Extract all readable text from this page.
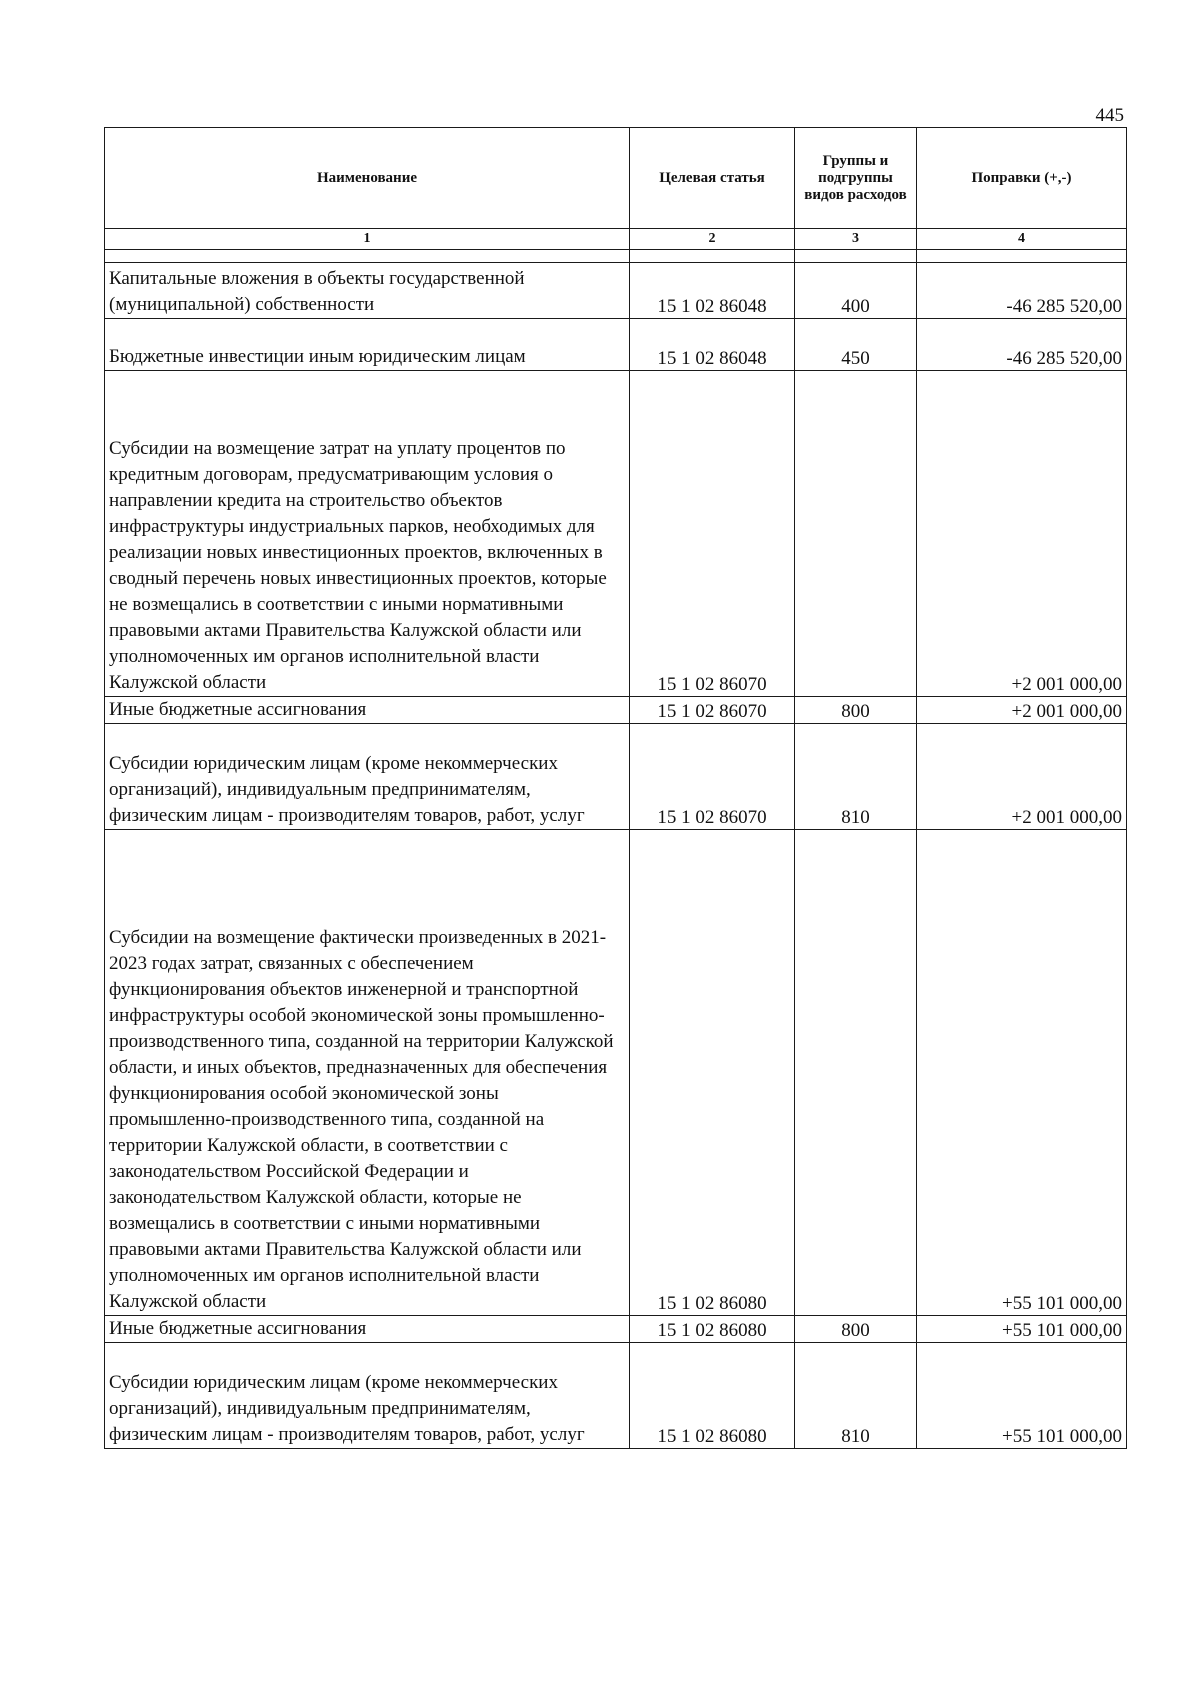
445
Наименование	Целевая статья	Группы и подгруппы видов расходов	Поправки (+,-)
1	2	3	4

Капитальные вложения в объекты государственной (муниципальной) собственности	15 1 02 86048	400	-46 285 520,00
Бюджетные инвестиции иным юридическим лицам	15 1 02 86048	450	-46 285 520,00
Субсидии на возмещение затрат на уплату процентов по кредитным договорам, предусматривающим условия о направлении кредита на строительство объектов инфраструктуры индустриальных парков, необходимых для реализации новых инвестиционных проектов, включенных в сводный перечень новых инвестиционных проектов, которые не возмещались в соответствии с иными нормативными правовыми актами Правительства Калужской области или уполномоченных им органов исполнительной власти Калужской области	15 1 02 86070		+2 001 000,00
Иные бюджетные ассигнования	15 1 02 86070	800	+2 001 000,00
Субсидии юридическим лицам (кроме некоммерческих организаций), индивидуальным предпринимателям, физическим лицам - производителям товаров, работ, услуг	15 1 02 86070	810	+2 001 000,00
Субсидии на возмещение фактически произведенных в 2021-2023 годах затрат, связанных с обеспечением функционирования объектов инженерной и транспортной инфраструктуры особой экономической зоны промышленно-производственного типа, созданной на территории Калужской области, и иных объектов, предназначенных для обеспечения функционирования особой экономической зоны промышленно-производственного типа, созданной на территории Калужской области, в соответствии с законодательством Российской Федерации и законодательством Калужской области, которые не возмещались в соответствии с иными нормативными правовыми актами Правительства Калужской области или уполномоченных им органов исполнительной власти Калужской области	15 1 02 86080		+55 101 000,00
Иные бюджетные ассигнования	15 1 02 86080	800	+55 101 000,00
Субсидии юридическим лицам (кроме некоммерческих организаций), индивидуальным предпринимателям, физическим лицам - производителям товаров, работ, услуг	15 1 02 86080	810	+55 101 000,00
